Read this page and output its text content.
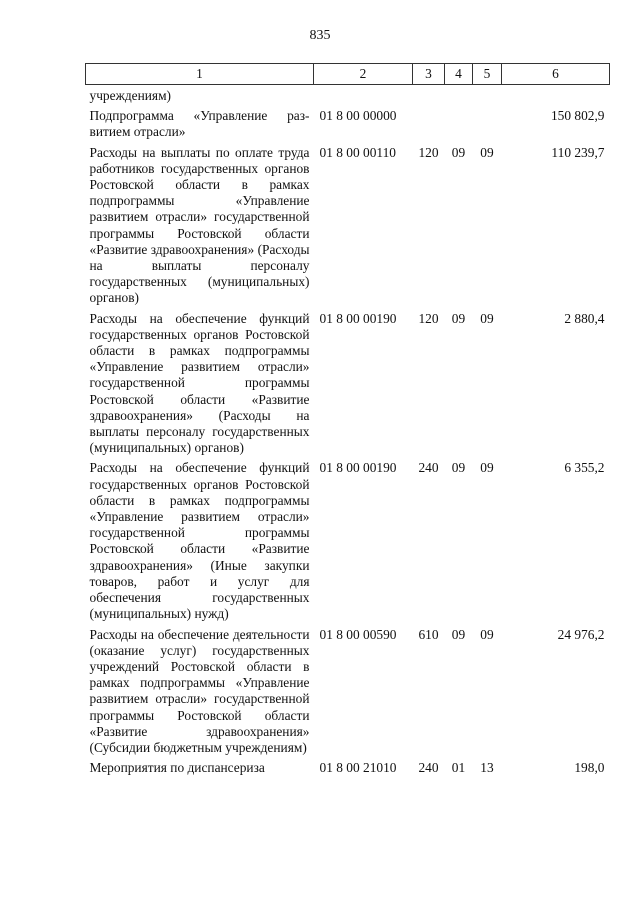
835
1	2	3	4	5	6
учреждениям)					
Подпрограмма «Управление развитием отрасли»	01 8 00 00000				150 802,9
Расходы на выплаты по оплате труда работников государственных органов Ростовской области в рамках подпрограммы «Управление развитием отрасли» государственной программы Ростовской области «Развитие здравоохранения» (Расходы на выплаты персоналу государственных (муниципальных) органов)	01 8 00 00110	120	09	09	110 239,7
Расходы на обеспечение функций государственных органов Ростовской области в рамках подпрограммы «Управление развитием отрасли» государственной программы Ростовской области «Развитие здравоохранения» (Расходы на выплаты персоналу государственных (муниципальных) органов)	01 8 00 00190	120	09	09	2 880,4
Расходы на обеспечение функций государственных органов Ростовской области в рамках подпрограммы «Управление развитием отрасли» государственной программы Ростовской области «Развитие здравоохранения» (Иные закупки товаров, работ и услуг для обеспечения государственных (муниципальных) нужд)	01 8 00 00190	240	09	09	6 355,2
Расходы на обеспечение деятельности (оказание услуг) государственных учреждений Ростовской области в рамках подпрограммы «Управление развитием отрасли» государственной программы Ростовской области «Развитие здравоохранения» (Субсидии бюджетным учреждениям)	01 8 00 00590	610	09	09	24 976,2
Мероприятия по диспансериза	01 8 00 21010	240	01	13	198,0
